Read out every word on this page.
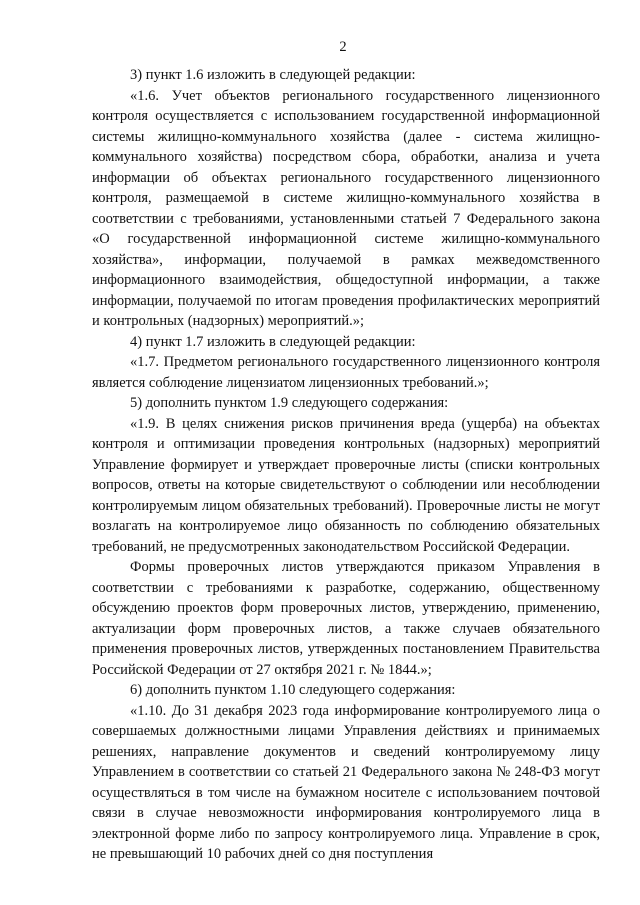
2

3) пункт 1.6 изложить в следующей редакции:

«1.6. Учет объектов регионального государственного лицензионного контроля осуществляется с использованием государственной информационной системы жилищно-коммунального хозяйства (далее - система жилищно-коммунального хозяйства) посредством сбора, обработки, анализа и учета информации об объектах регионального государственного лицензионного контроля, размещаемой в системе жилищно-коммунального хозяйства в соответствии с требованиями, установленными статьей 7 Федерального закона «О государственной информационной системе жилищно-коммунального хозяйства», информации, получаемой в рамках межведомственного информационного взаимодействия, общедоступной информации, а также информации, получаемой по итогам проведения профилактических мероприятий и контрольных (надзорных) мероприятий.»;

4) пункт 1.7 изложить в следующей редакции:

«1.7. Предметом регионального государственного лицензионного контроля является соблюдение лицензиатом лицензионных требований.»;

5) дополнить пунктом 1.9 следующего содержания:

«1.9. В целях снижения рисков причинения вреда (ущерба) на объектах контроля и оптимизации проведения контрольных (надзорных) мероприятий Управление формирует и утверждает проверочные листы (списки контрольных вопросов, ответы на которые свидетельствуют о соблюдении или несоблюдении контролируемым лицом обязательных требований). Проверочные листы не могут возлагать на контролируемое лицо обязанность по соблюдению обязательных требований, не предусмотренных законодательством Российской Федерации.

Формы проверочных листов утверждаются приказом Управления в соответствии с требованиями к разработке, содержанию, общественному обсуждению проектов форм проверочных листов, утверждению, применению, актуализации форм проверочных листов, а также случаев обязательного применения проверочных листов, утвержденных постановлением Правительства Российской Федерации от 27 октября 2021 г. № 1844.»;

6) дополнить пунктом 1.10 следующего содержания:

«1.10. До 31 декабря 2023 года информирование контролируемого лица о совершаемых должностными лицами Управления действиях и принимаемых решениях, направление документов и сведений контролируемому лицу Управлением в соответствии со статьей 21 Федерального закона № 248-ФЗ могут осуществляться в том числе на бумажном носителе с использованием почтовой связи в случае невозможности информирования контролируемого лица в электронной форме либо по запросу контролируемого лица. Управление в срок, не превышающий 10 рабочих дней со дня поступления
